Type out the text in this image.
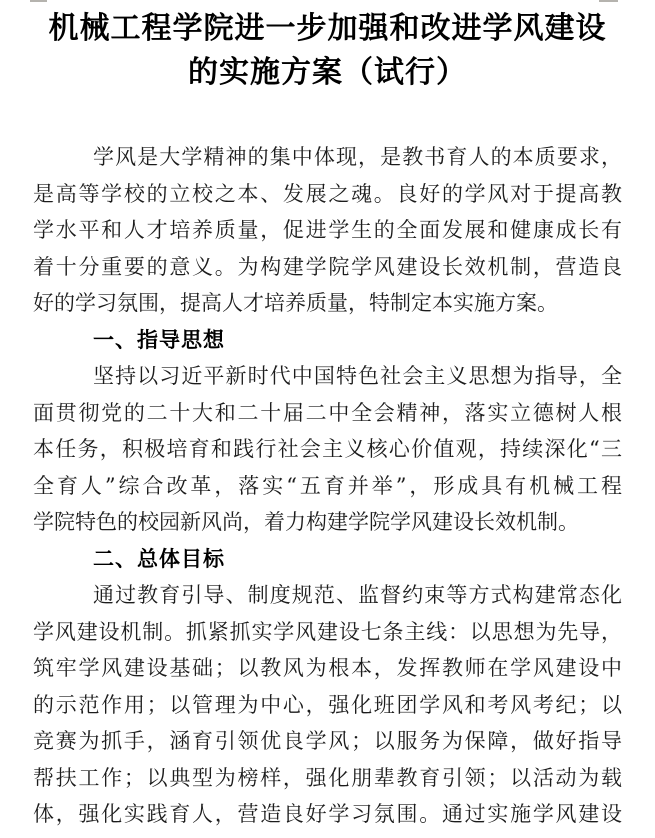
机械工程学院进一步加强和改进学风建设
的实施方案（试行）
学风是大学精神的集中体现，是教书育人的本质要求，
是高等学校的立校之本、发展之魂。良好的学风对于提高教
学水平和人才培养质量，促进学生的全面发展和健康成长有
着十分重要的意义。为构建学院学风建设长效机制，营造良
好的学习氛围，提高人才培养质量，特制定本实施方案。
一、指导思想
坚持以习近平新时代中国特色社会主义思想为指导，全
面贯彻党的二十大和二十届二中全会精神，落实立德树人根
本任务，积极培育和践行社会主义核心价值观，持续深化“三
全育人”综合改革，落实“五育并举”，形成具有机械工程
学院特色的校园新风尚，着力构建学院学风建设长效机制。
二、总体目标
通过教育引导、制度规范、监督约束等方式构建常态化
学风建设机制。抓紧抓实学风建设七条主线：以思想为先导，
筑牢学风建设基础；以教风为根本，发挥教师在学风建设中
的示范作用；以管理为中心，强化班团学风和考风考纪；以
竞赛为抓手，涵育引领优良学风；以服务为保障，做好指导
帮扶工作；以典型为榜样，强化朋辈教育引领；以活动为载
体，强化实践育人，营造良好学习氛围。通过实施学风建设
